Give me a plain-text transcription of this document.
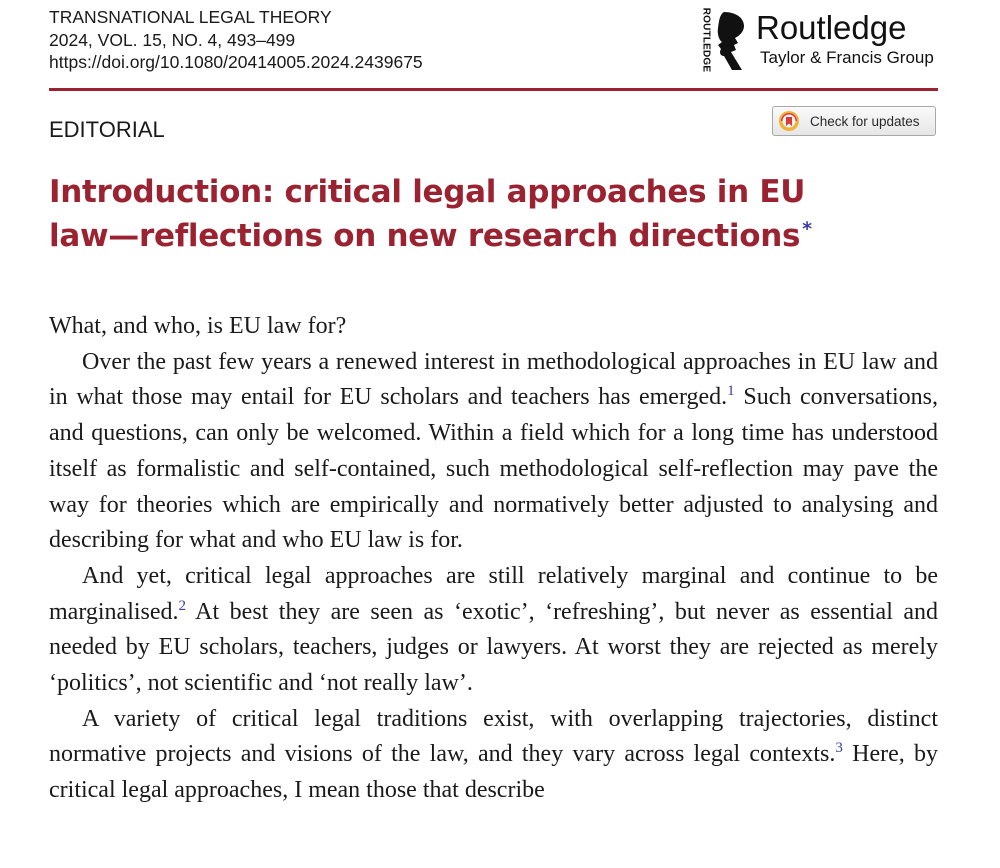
TRANSNATIONAL LEGAL THEORY
2024, VOL. 15, NO. 4, 493–499
https://doi.org/10.1080/20414005.2024.2439675	ROUTLEDGE Routledge
Taylor & Francis Group
EDITORIAL	Check for updates
Introduction: critical legal approaches in EU
law—reflections on new research directions *

What, and who, is EU law for?

Over the past few years a renewed interest in methodological approaches in EU law and in what those may entail for EU scholars and teachers has emerged.$^1$ Such conversations, and questions, can only be welcomed. Within a field which for a long time has understood itself as formalistic and self-contained, such methodological self-reflection may pave the way for theories which are empirically and normatively better adjusted to analysing and describing for what and who EU law is for.

And yet, critical legal approaches are still relatively marginal and continue to be marginalised.$^2$ At best they are seen as ‘exotic’, ‘refreshing’, but never as essential and needed by EU scholars, teachers, judges or lawyers. At worst they are rejected as merely ‘politics’, not scientific and ‘not really law’.

A variety of critical legal traditions exist, with overlapping trajectories, distinct normative projects and visions of the law, and they vary across legal contexts.$^3$ Here, by critical legal approaches, I mean those that describe
